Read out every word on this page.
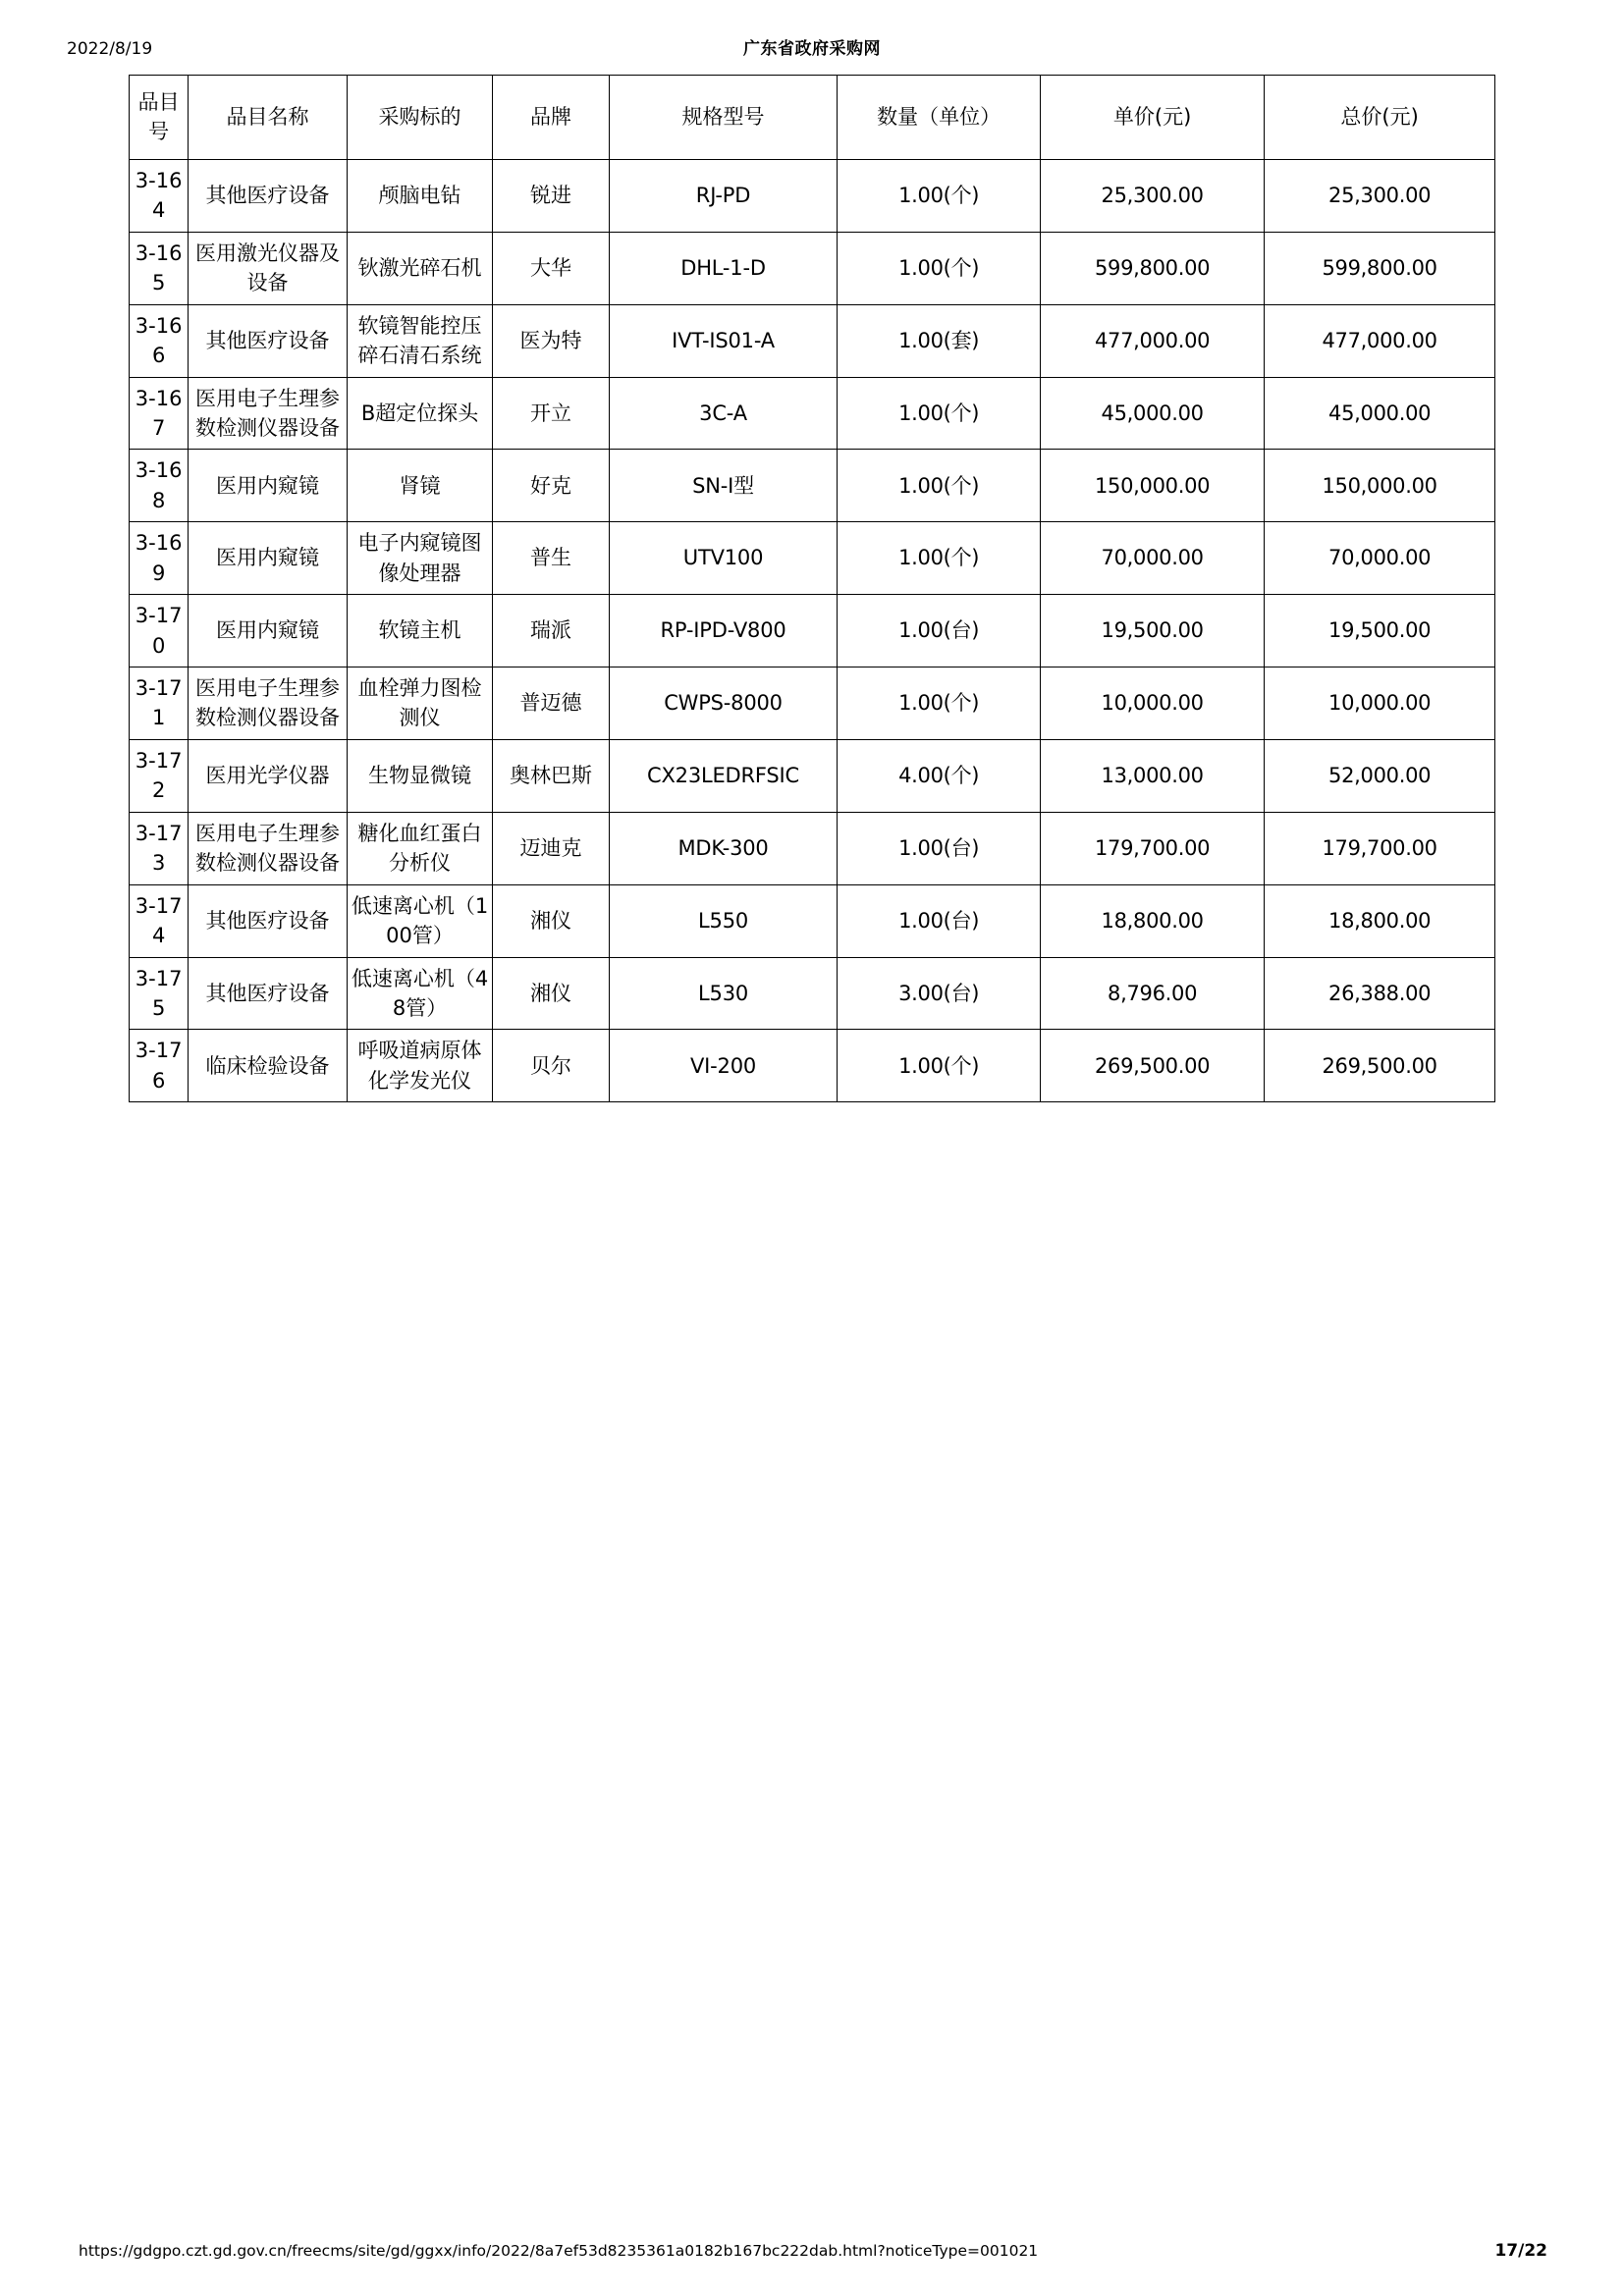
2022/8/19	广东省政府采购网
品目号	品目名称	采购标的	品牌	规格型号	数量（单位）	单价(元)	总价(元)
3-164	其他医疗设备	颅脑电钻	锐进	RJ-PD	1.00(个)	25,300.00	25,300.00
3-165	医用激光仪器及设备	钬激光碎石机	大华	DHL-1-D	1.00(个)	599,800.00	599,800.00
3-166	其他医疗设备	软镜智能控压碎石清石系统	医为特	IVT-IS01-A	1.00(套)	477,000.00	477,000.00
3-167	医用电子生理参数检测仪器设备	B超定位探头	开立	3C-A	1.00(个)	45,000.00	45,000.00
3-168	医用内窥镜	肾镜	好克	SN-I型	1.00(个)	150,000.00	150,000.00
3-169	医用内窥镜	电子内窥镜图像处理器	普生	UTV100	1.00(个)	70,000.00	70,000.00
3-170	医用内窥镜	软镜主机	瑞派	RP-IPD-V800	1.00(台)	19,500.00	19,500.00
3-171	医用电子生理参数检测仪器设备	血栓弹力图检测仪	普迈德	CWPS-8000	1.00(个)	10,000.00	10,000.00
3-172	医用光学仪器	生物显微镜	奥林巴斯	CX23LEDRFSIC	4.00(个)	13,000.00	52,000.00
3-173	医用电子生理参数检测仪器设备	糖化血红蛋白分析仪	迈迪克	MDK-300	1.00(台)	179,700.00	179,700.00
3-174	其他医疗设备	低速离心机（100管）	湘仪	L550	1.00(台)	18,800.00	18,800.00
3-175	其他医疗设备	低速离心机（48管）	湘仪	L530	3.00(台)	8,796.00	26,388.00
3-176	临床检验设备	呼吸道病原体化学发光仪	贝尔	VI-200	1.00(个)	269,500.00	269,500.00
https://gdgpo.czt.gd.gov.cn/freecms/site/gd/ggxx/info/2022/8a7ef53d8235361a0182b167bc222dab.html?noticeType=001021	17/22
